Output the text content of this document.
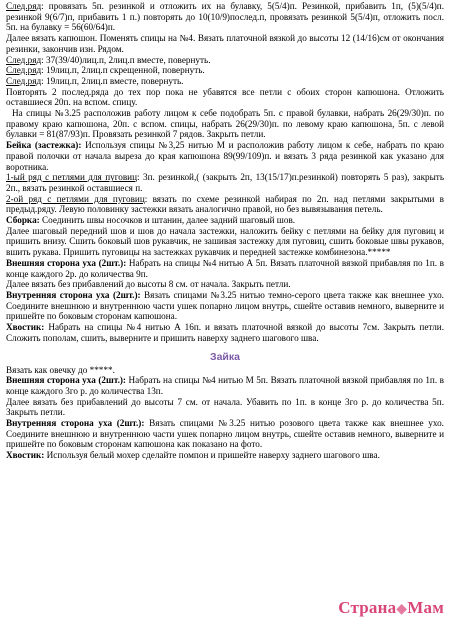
След.ряд: провязать 5п. резинкой и отложить их на булавку, 5(5/4)п. Резинкой, прибавить 1п, (5)(5/4)п. резинкой 9(6/7)п, прибавить 1 п.) повторять до 10(10/9)послед.п, провязать резинкой 5(5/4)п, отложить посл. 5п. на булавку = 56(60/64)п.

Далее вязать капюшон. Поменять спицы на №4. Вязать платочной вязкой до высоты 12 (14/16)см от окончания резинки, закончив изн. Рядом.

След.ряд: 37(39/40)лиц.п, 2лиц.п вместе, повернуть.

След.ряд: 19лиц.п, 2лиц.п скрещенной, повернуть.

След.ряд: 19лиц.п, 2лиц.п вместе, повернуть.

Повторять 2 послед.ряда до тех пор пока не убавятся все петли с обоих сторон капюшона. Отложить оставшиеся 20п. на вспом. спицу.

На спицы №3.25 расположив работу лицом к себе подобрать 5п. с правой булавки, набрать 26(29/30)п. по правому краю капюшона, 20п. с вспом. спицы, набрать 26(29/30)п. по левому краю капюшона, 5п. с левой булавки = 81(87/93)п. Провязать резинкой 7 рядов. Закрыть петли.

Бейка (застежка): Используя спицы №3,25 нитью М и расположив работу лицом к себе, набрать по краю правой полочки от начала выреза до края капюшона 89(99/109)п. и вязать 3 ряда резинкой как указано для воротника.

1-ый ряд с петлями для пуговиц: 3п. резинкой,( (закрыть 2п, 13(15/17)п.резинкой) повторять 5 раз), закрыть 2п., вязать резинкой оставшиеся п.

2-ой ряд с петлями для пуговиц: вязать по схеме резинкой набирая по 2п. над петлями закрытыми в предыд.ряду. Левую половинку застежки вязать аналогично правой, но без вывязывания петель.

Сборка: Соединить швы носочков и штанин, далее задний шаговый шов.

Далее шаговый передний шов и шов до начала застежки, наложить бейку с петлями на бейку для пуговиц и пришить внизу. Сшить боковый шов рукавчик, не зашивая застежку для пуговиц, сшить боковые швы рукавов, вшить рукава. Пришить пуговицы на застежках рукавчик и передней застежке комбинезона.*****

Внешняя сторона уха (2шт.): Набрать на спицы №4 нитью А 5п. Вязать платочной вязкой прибавляя по 1п. в конце каждого 2р. до количества 9п.

Далее вязать без прибавлений до высоты 8 см. от начала. Закрыть петли.

Внутренняя сторона уха (2шт.): Вязать спицами №3.25 нитью темно-серого цвета также как внешнее ухо. Соедините внешнюю и внутреннюю части ушек попарно лицом внутрь, сшейте оставив немного, выверните и пришейте по боковым сторонам капюшона.

Хвостик: Набрать на спицы №4 нитью А 16п. и вязать платочной вязкой до высоты 7см. Закрыть петли. Сложить пополам, сшить, выверните и пришить наверху заднего шагового шва.

Зайка

Вязать как овечку до *****.

Внешняя сторона уха (2шт.): Набрать на спицы №4 нитью М 5п. Вязать платочной вязкой прибавляя по 1п. в конце каждого 3го р. до количества 13п.

Далее вязать без прибавлений до высоты 7 см. от начала. Убавить по 1п. в конце 3го р. до количества 5п. Закрыть петли.

Внутренняя сторона уха (2шт.): Вязать спицами №3.25 нитью розового цвета также как внешнее ухо. Соедините внешнюю и внутреннюю части ушек попарно лицом внутрь, сшейте оставив немного, выверните и пришейте по боковым сторонам капюшона как показано на фото.

Хвостик: Используя белый мохер сделайте помпон и пришейте наверху заднего шагового шва.

Страна◆Мам
